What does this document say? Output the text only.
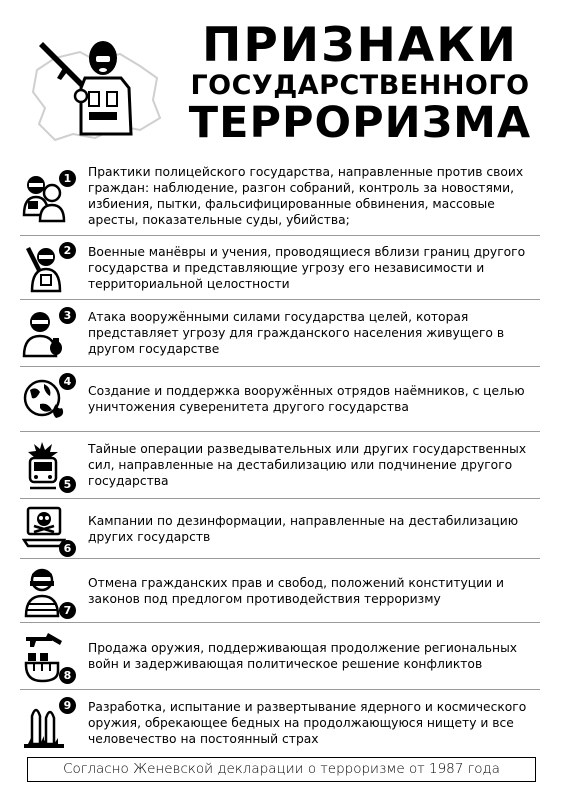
ПРИЗНАКИ
ГОСУДАРСТВЕННОГО
ТЕРРОРИЗМА
1	Практики полицейского государства, направленные против своих граждан: наблюдение, разгон собраний, контроль за новостями, избиения, пытки, фальсифицированные обвинения, массовые аресты, показательные суды, убийства;
2	Военные манёвры и учения, проводящиеся вблизи границ другого государства и представляющие угрозу его независимости и территориальной целостности
3	Атака вооружёнными силами государства целей, которая представляет угрозу для гражданского населения живущего в другом государстве
4
Создание и поддержка вооружённых отрядов наёмников, с целью уничтожения суверенитета другого государства
5
Тайные операции разведывательных или других государственных сил, направленные на дестабилизацию или подчинение другого государства
6
Кампании по дезинформации, направленные на дестабилизацию других государств
7
Отмена гражданских прав и свобод, положений конституции и законов под предлогом противодействия терроризму
8
Продажа оружия, поддерживающая продолжение региональных войн и задерживающая политическое решение конфликтов
9	Разработка, испытание и развертывание ядерного и космического оружия, обрекающее бедных на продолжающуюся нищету и все человечество на постоянный страх
Согласно Женевской декларации о терроризме от 1987 года
